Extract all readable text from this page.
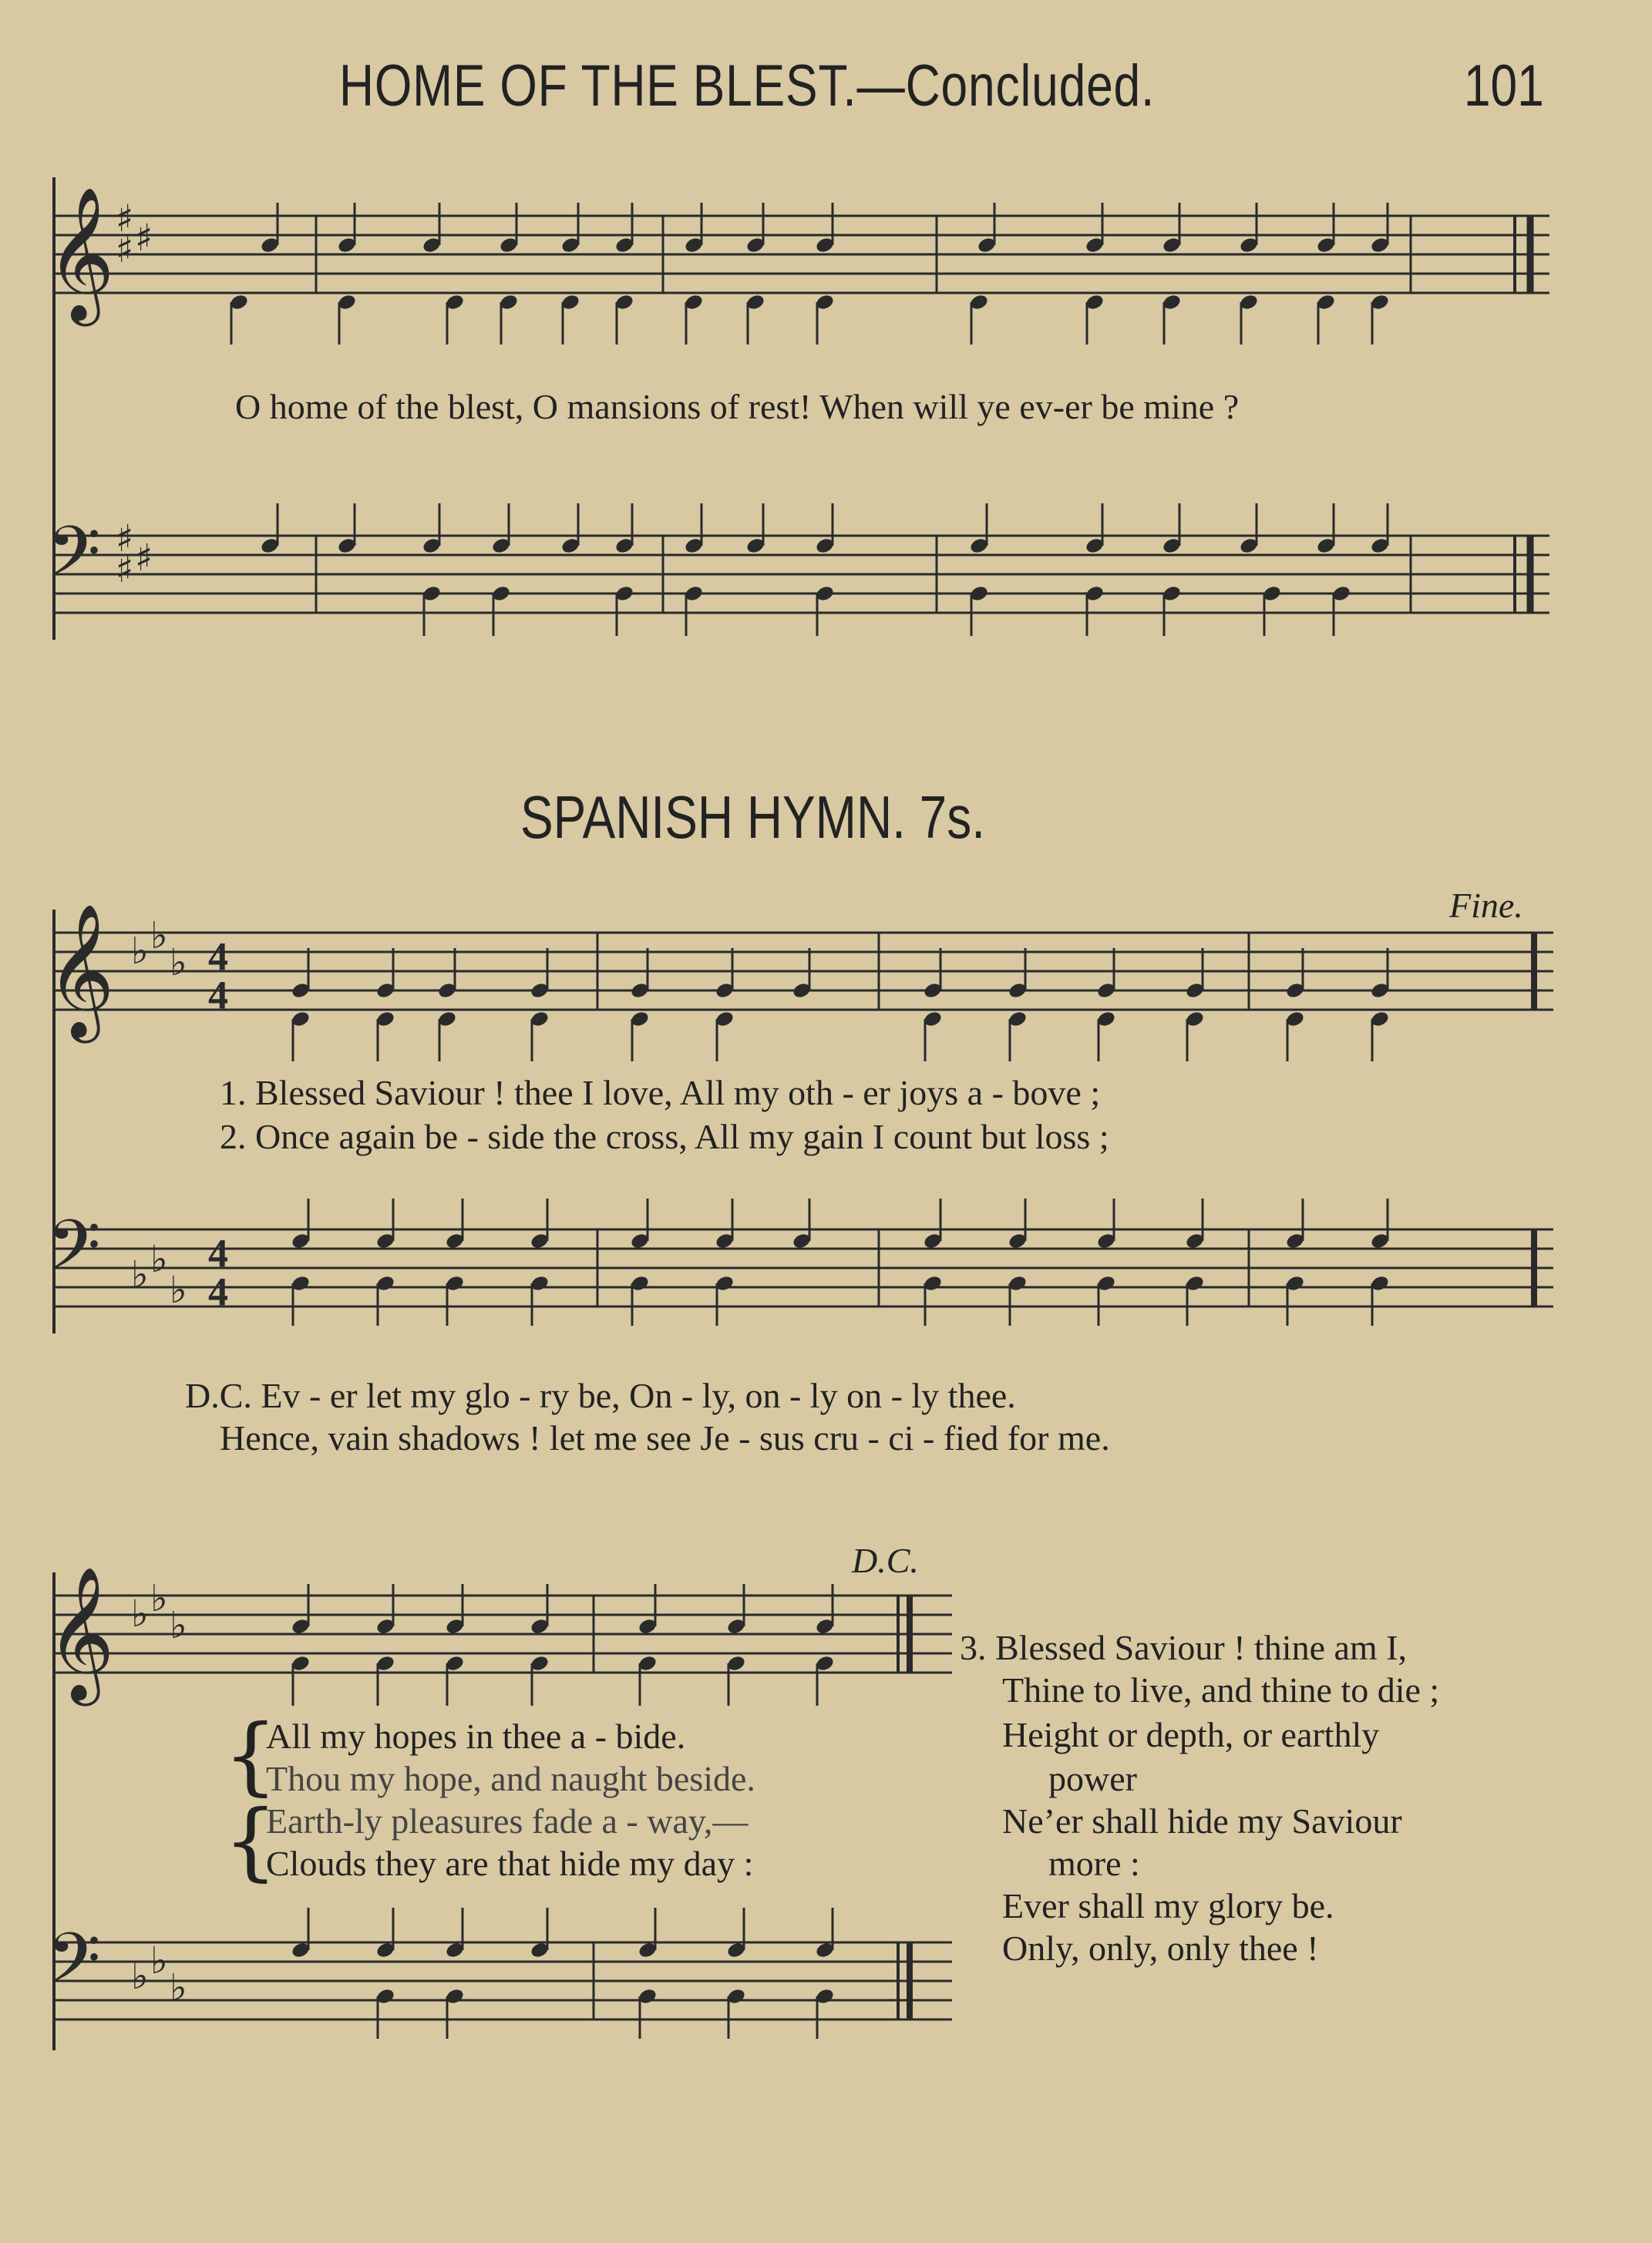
HOME OF THE BLEST.—Concluded.	101
𝄞
𝄢
𝄞
𝄢
𝄞
𝄢
♯ ♯
♯
♯ ♯
♯
♭ ♭
♭
♭ ♭
♭
♭ ♭
♭
♭ ♭
♭
4
4
4
4
O home of the blest, O mansions of rest! When will ye ev-er be mine ?
SPANISH HYMN. 7s.
Fine.
1. Blessed Saviour ! thee I love, All my oth - er joys a - bove ;
2. Once again be - side the cross, All my gain I count but loss ;
D.C. Ev - er let my glo - ry be, On - ly, on - ly on - ly thee.
Hence, vain shadows ! let me see Je - sus cru - ci - fied for me.
D.C.
{
{
All my hopes in thee a - bide.
Thou my hope, and naught beside.
Earth-ly pleasures fade a - way,—
Clouds they are that hide my day :
3. Blessed Saviour ! thine am I,
Thine to live, and thine to die ;
Height or depth, or earthly
power
Ne’er shall hide my Saviour
more :
Ever shall my glory be.
Only, only, only thee !
